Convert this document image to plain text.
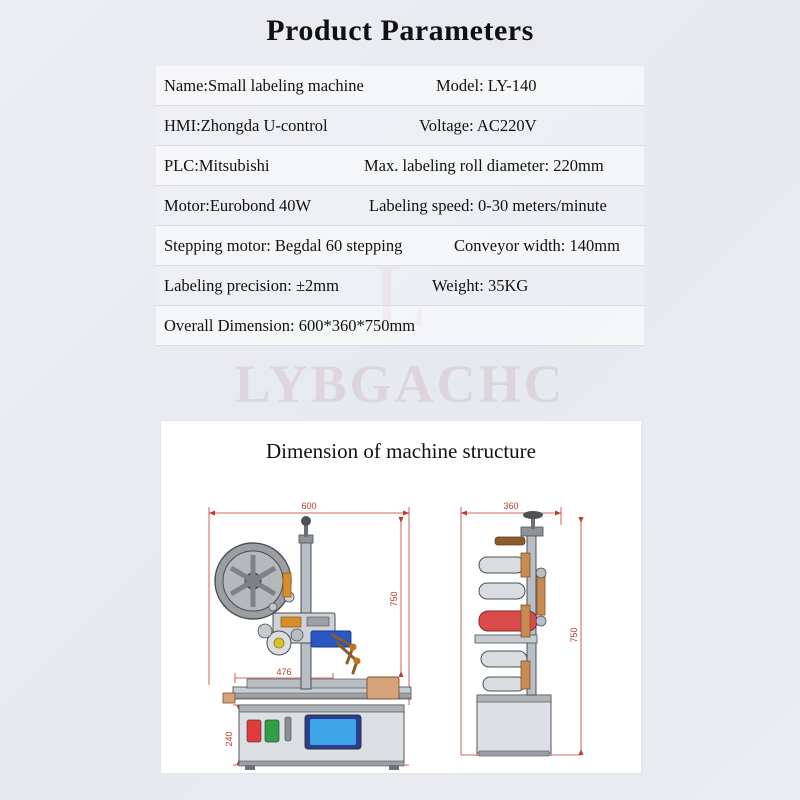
LYBGACHC
Product Parameters
Name:Small labeling machine	Model: LY-140
HMI:Zhongda U-control	Voltage: AC220V
PLC:Mitsubishi	Max. labeling roll diameter: 220mm
Motor:Eurobond 40W	Labeling speed: 0-30 meters/minute
Stepping motor: Begdal 60 stepping	Conveyor width: 140mm
Labeling precision: ±2mm	Weight: 35KG
Overall Dimension: 600*360*750mm
Dimension of machine structure
600
476
750
240
360
750
